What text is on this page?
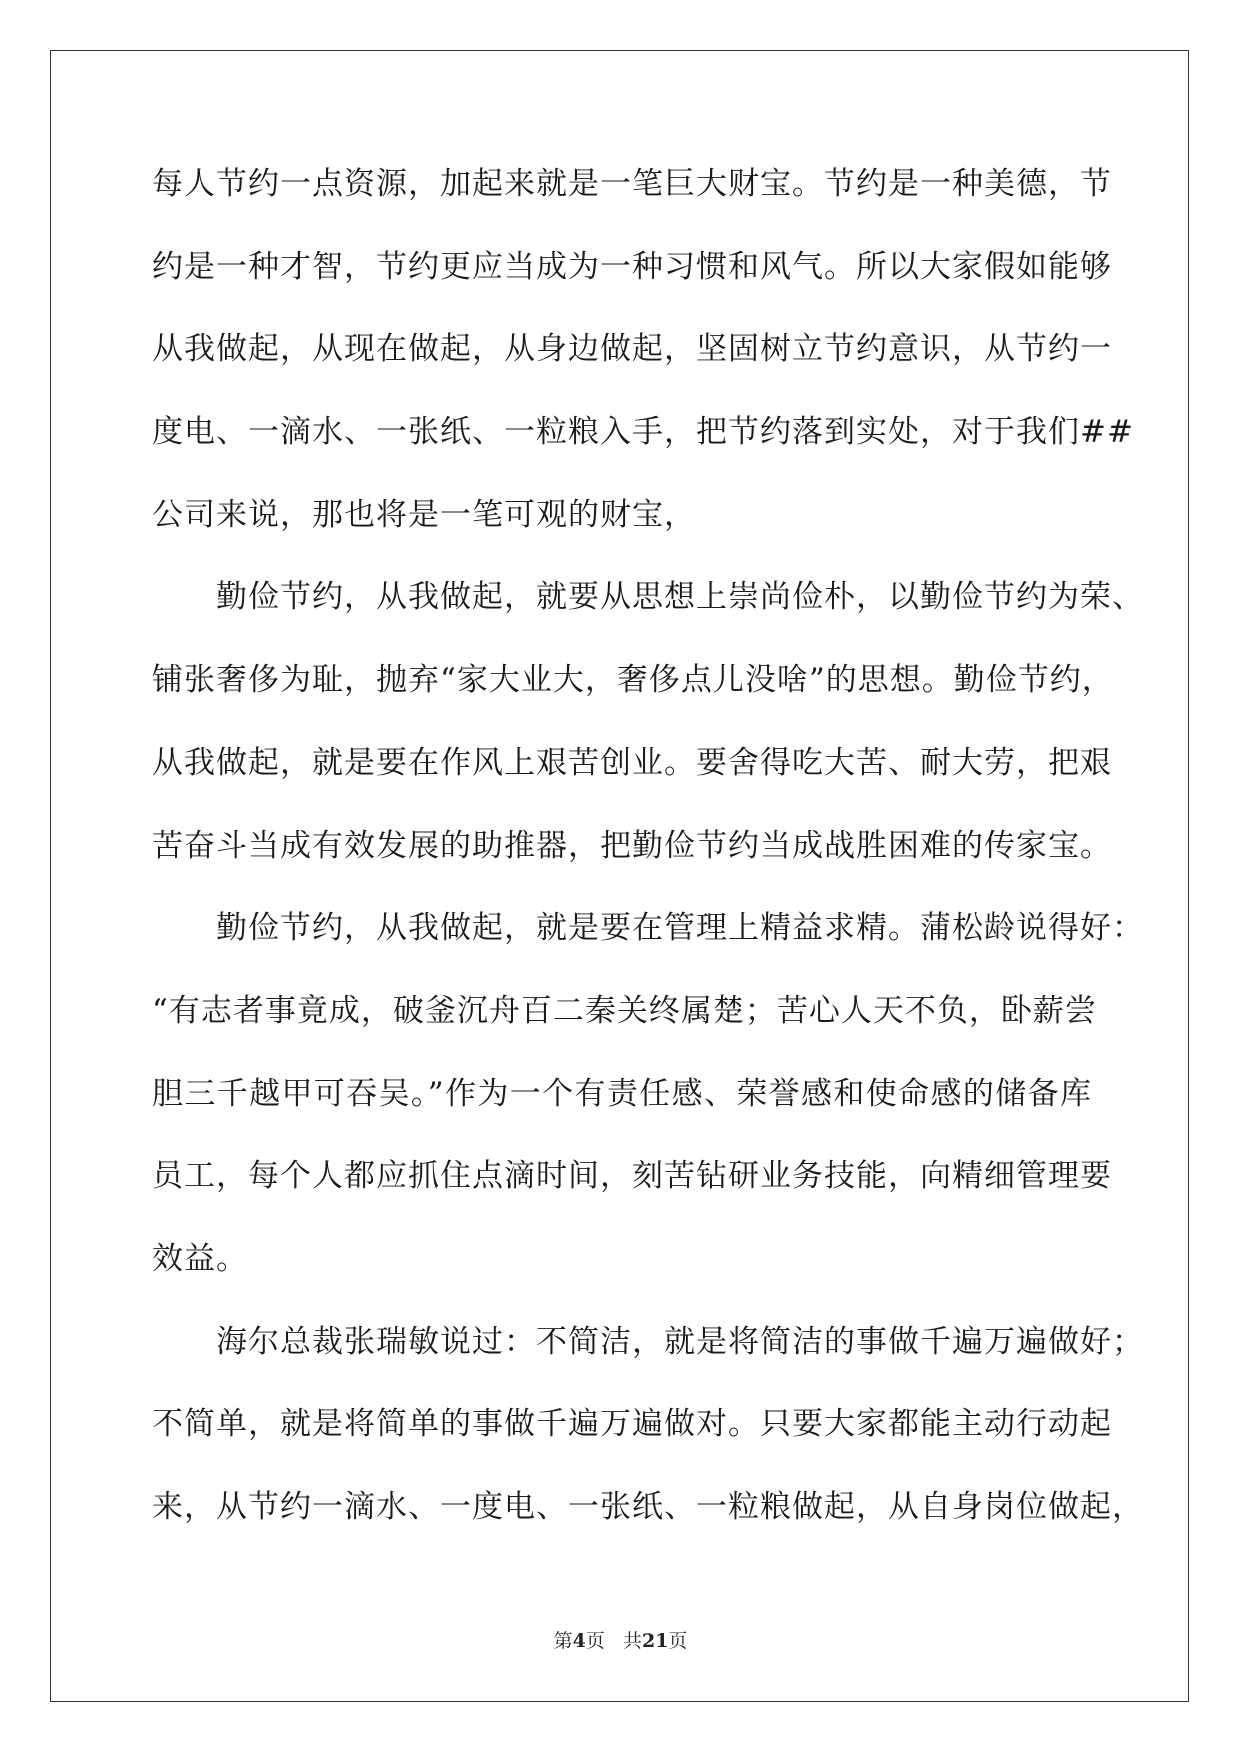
每人节约一点资源，加起来就是一笔巨大财宝。节约是一种美德，节
约是一种才智，节约更应当成为一种习惯和风气。所以大家假如能够
从我做起，从现在做起，从身边做起，坚固树立节约意识，从节约一
度电、一滴水、一张纸、一粒粮入手，把节约落到实处，对于我们##
公司来说，那也将是一笔可观的财宝，
勤俭节约，从我做起，就要从思想上崇尚俭朴，以勤俭节约为荣、
铺张奢侈为耻，抛弃“家大业大，奢侈点儿没啥”的思想。勤俭节约，
从我做起，就是要在作风上艰苦创业。要舍得吃大苦、耐大劳，把艰
苦奋斗当成有效发展的助推器，把勤俭节约当成战胜困难的传家宝。
勤俭节约，从我做起，就是要在管理上精益求精。蒲松龄说得好：
“有志者事竟成，破釜沉舟百二秦关终属楚；苦心人天不负，卧薪尝
胆三千越甲可吞吴。”作为一个有责任感、荣誉感和使命感的储备库
员工，每个人都应抓住点滴时间，刻苦钻研业务技能，向精细管理要
效益。
海尔总裁张瑞敏说过：不简洁，就是将简洁的事做千遍万遍做好；
不简单，就是将简单的事做千遍万遍做对。只要大家都能主动行动起
来，从节约一滴水、一度电、一张纸、一粒粮做起，从自身岗位做起，
第4页 共21页
